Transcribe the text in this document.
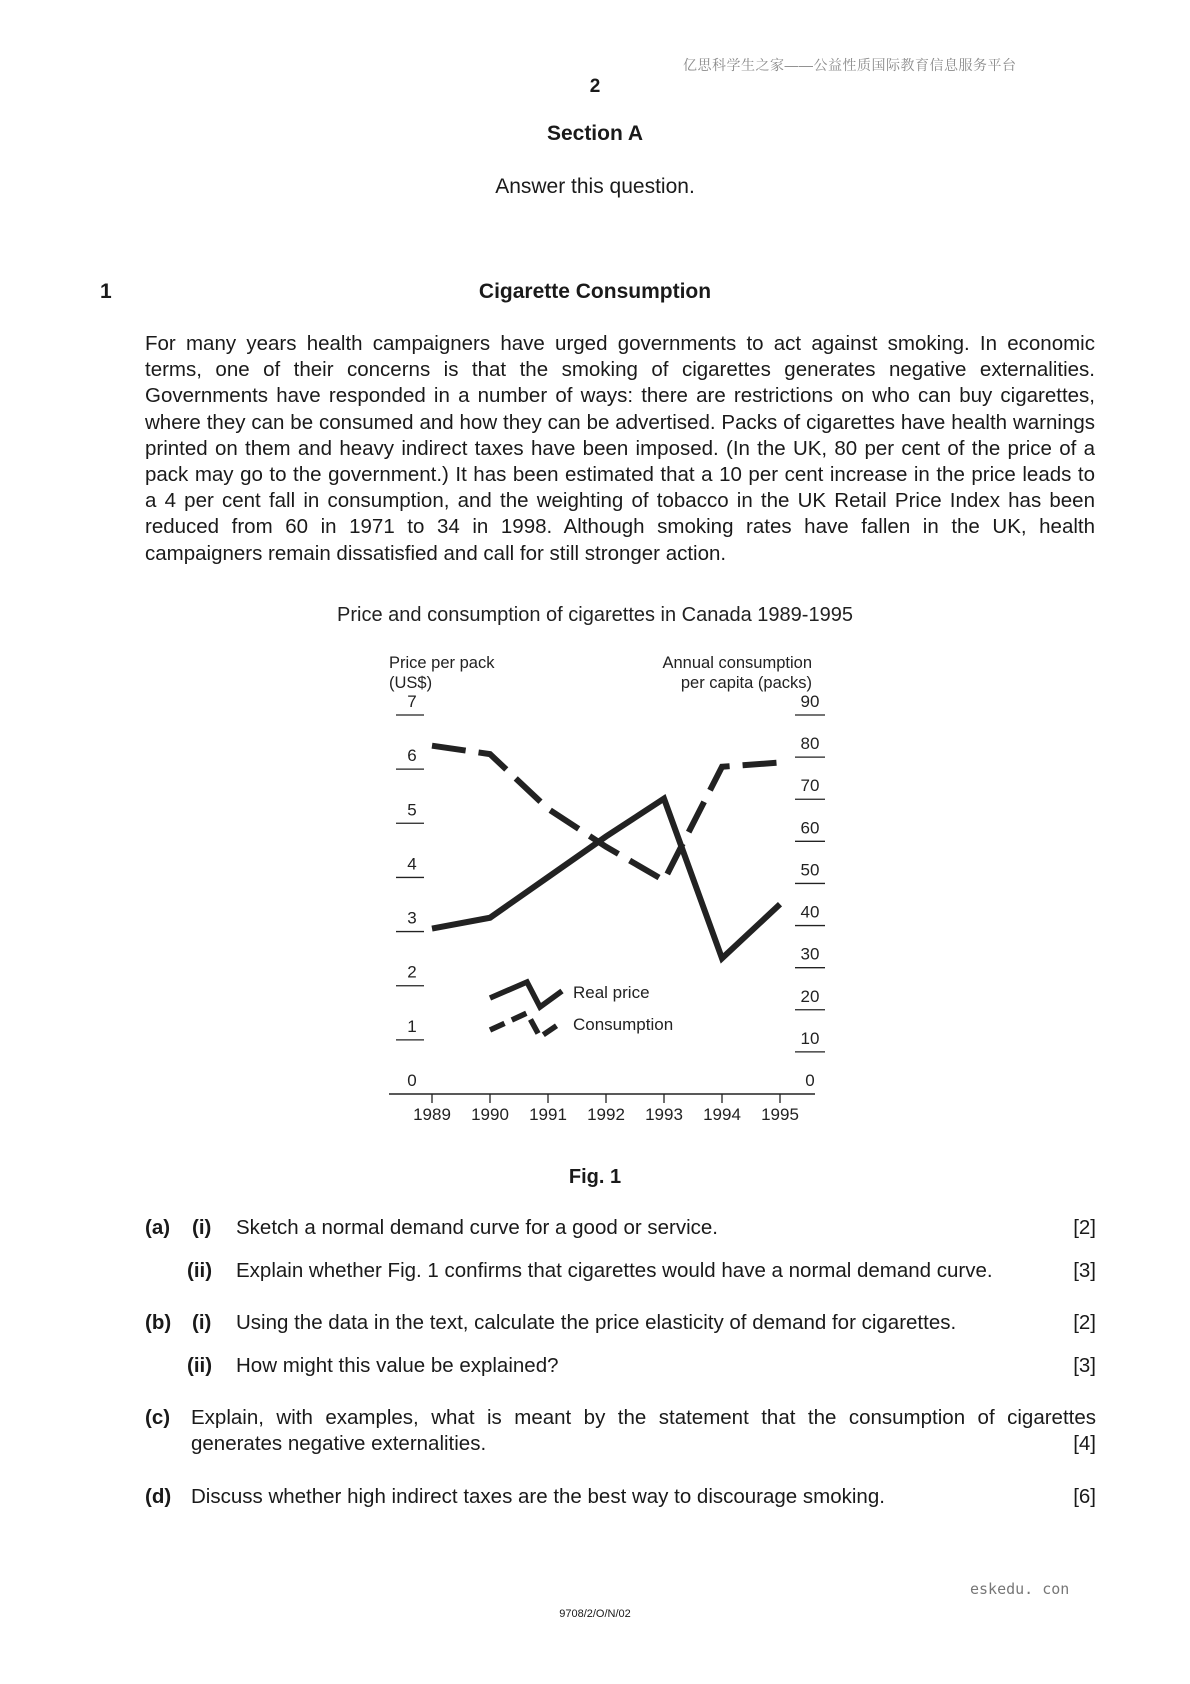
亿思科学生之家——公益性质国际教育信息服务平台
2
Section A
Answer this question.
1	Cigarette Consumption
For many years health campaigners have urged governments to act against smoking. In economic terms, one of their concerns is that the smoking of cigarettes generates negative externalities. Governments have responded in a number of ways: there are restrictions on who can buy cigarettes, where they can be consumed and how they can be advertised. Packs of cigarettes have health warnings printed on them and heavy indirect taxes have been imposed. (In the UK, 80 per cent of the price of a pack may go to the government.) It has been estimated that a 10 per cent increase in the price leads to a 4 per cent fall in consumption, and the weighting of tobacco in the UK Retail Price Index has been reduced from 60 in 1971 to 34 in 1998. Although smoking rates have fallen in the UK, health campaigners remain dissatisfied and call for still stronger action.
Price and consumption of cigarettes in Canada 1989-1995
Price per pack
(US$)
Annual consumption
per capita (packs)
0
1
2
3
4
5
6
7
0
10
20
30
40
50
60
70
80
90
1989 1990 1991 1992 1993 1994 1995
Real price
Consumption
Fig. 1
(a) (i) Sketch a normal demand curve for a good or service.	[2]
(ii) Explain whether Fig. 1 confirms that cigarettes would have a normal demand curve.	[3]
(b) (i) Using the data in the text, calculate the price elasticity of demand for cigarettes.	[2]
(ii) How might this value be explained?	[3]
(c) Explain, with examples, what is meant by the statement that the consumption of cigarettes
generates negative externalities.	[4]
(d) Discuss whether high indirect taxes are the best way to discourage smoking.	[6]
eskedu. con
9708/2/O/N/02
